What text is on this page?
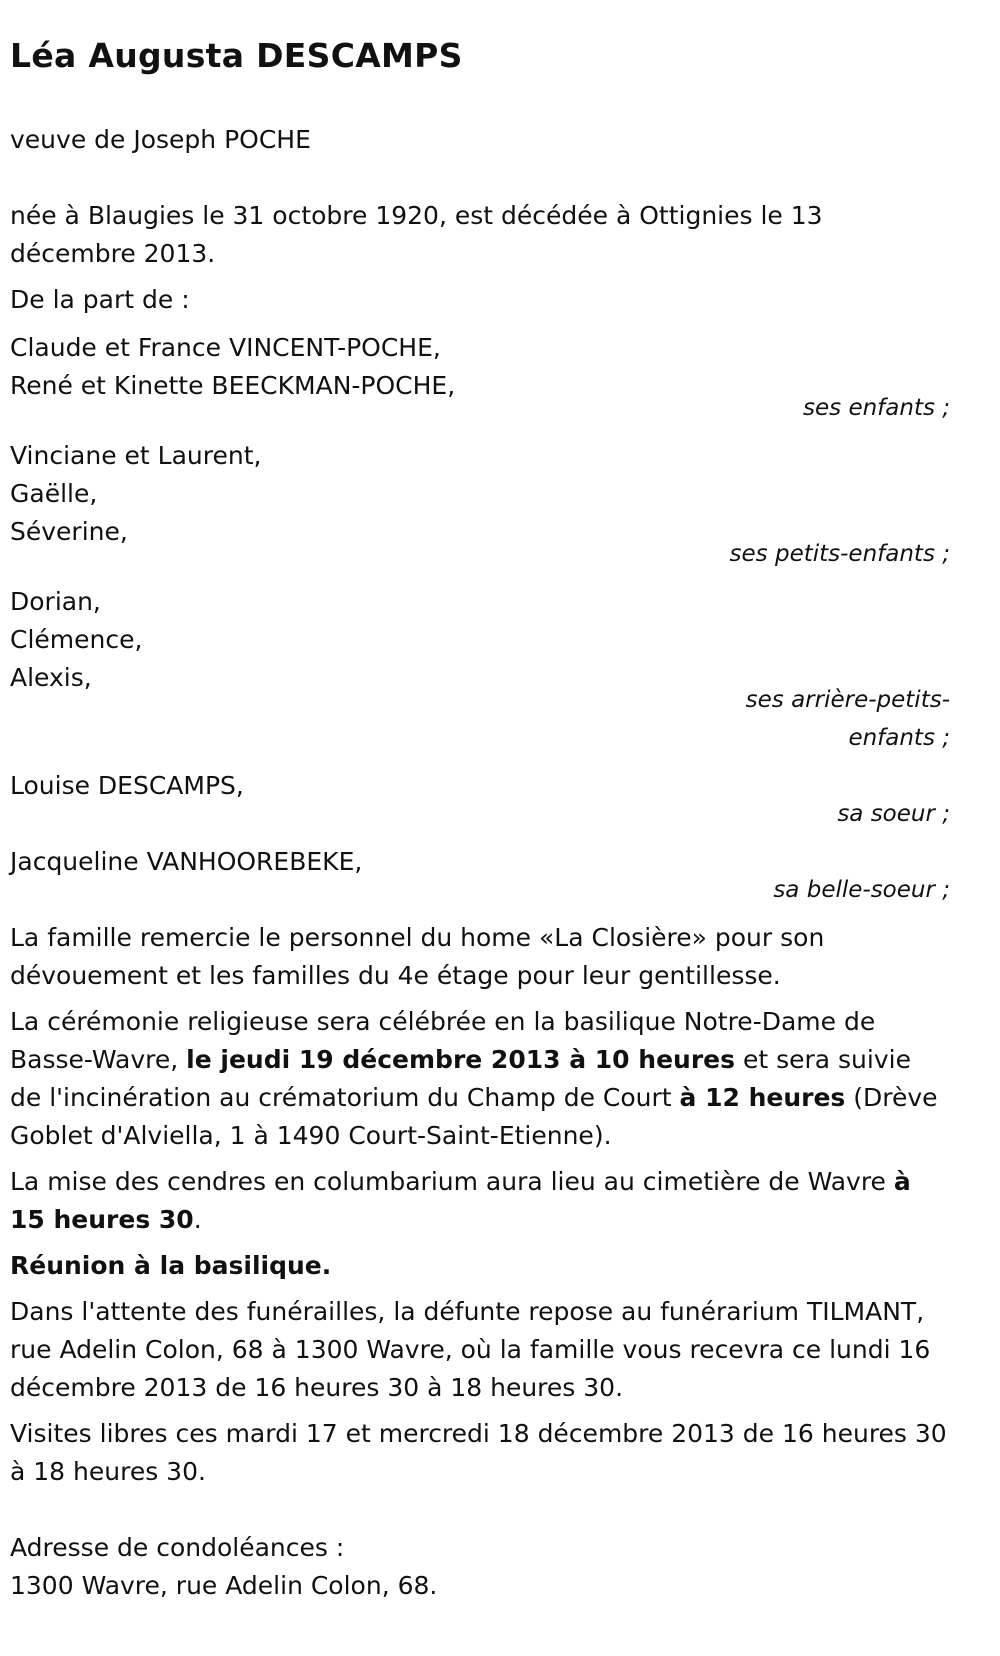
Léa Augusta DESCAMPS

veuve de Joseph POCHE

née à Blaugies le 31 octobre 1920, est décédée à Ottignies le 13 décembre 2013.

De la part de :

Claude et France VINCENT-POCHE,

René et Kinette BEECKMAN-POCHE,

ses enfants ;

Vinciane et Laurent,

Gaëlle,

Séverine,

ses petits-enfants ;

Dorian,

Clémence,

Alexis,

ses arrière-petits-
enfants ;

Louise DESCAMPS,

sa soeur ;

Jacqueline VANHOOREBEKE,

sa belle-soeur ;

La famille remercie le personnel du home «La Closière» pour son dévouement et les familles du 4e étage pour leur gentillesse.

La cérémonie religieuse sera célébrée en la basilique Notre-Dame de Basse-Wavre, le jeudi 19 décembre 2013 à 10 heures et sera suivie de l'incinération au crématorium du Champ de Court à 12 heures (Drève Goblet d'Alviella, 1 à 1490 Court-Saint-Etienne).

La mise des cendres en columbarium aura lieu au cimetière de Wavre à 15 heures 30.

Réunion à la basilique.

Dans l'attente des funérailles, la défunte repose au funérarium TILMANT, rue Adelin Colon, 68 à 1300 Wavre, où la famille vous recevra ce lundi 16 décembre 2013 de 16 heures 30 à 18 heures 30.

Visites libres ces mardi 17 et mercredi 18 décembre 2013 de 16 heures 30 à 18 heures 30.

Adresse de condoléances :

1300 Wavre, rue Adelin Colon, 68.
